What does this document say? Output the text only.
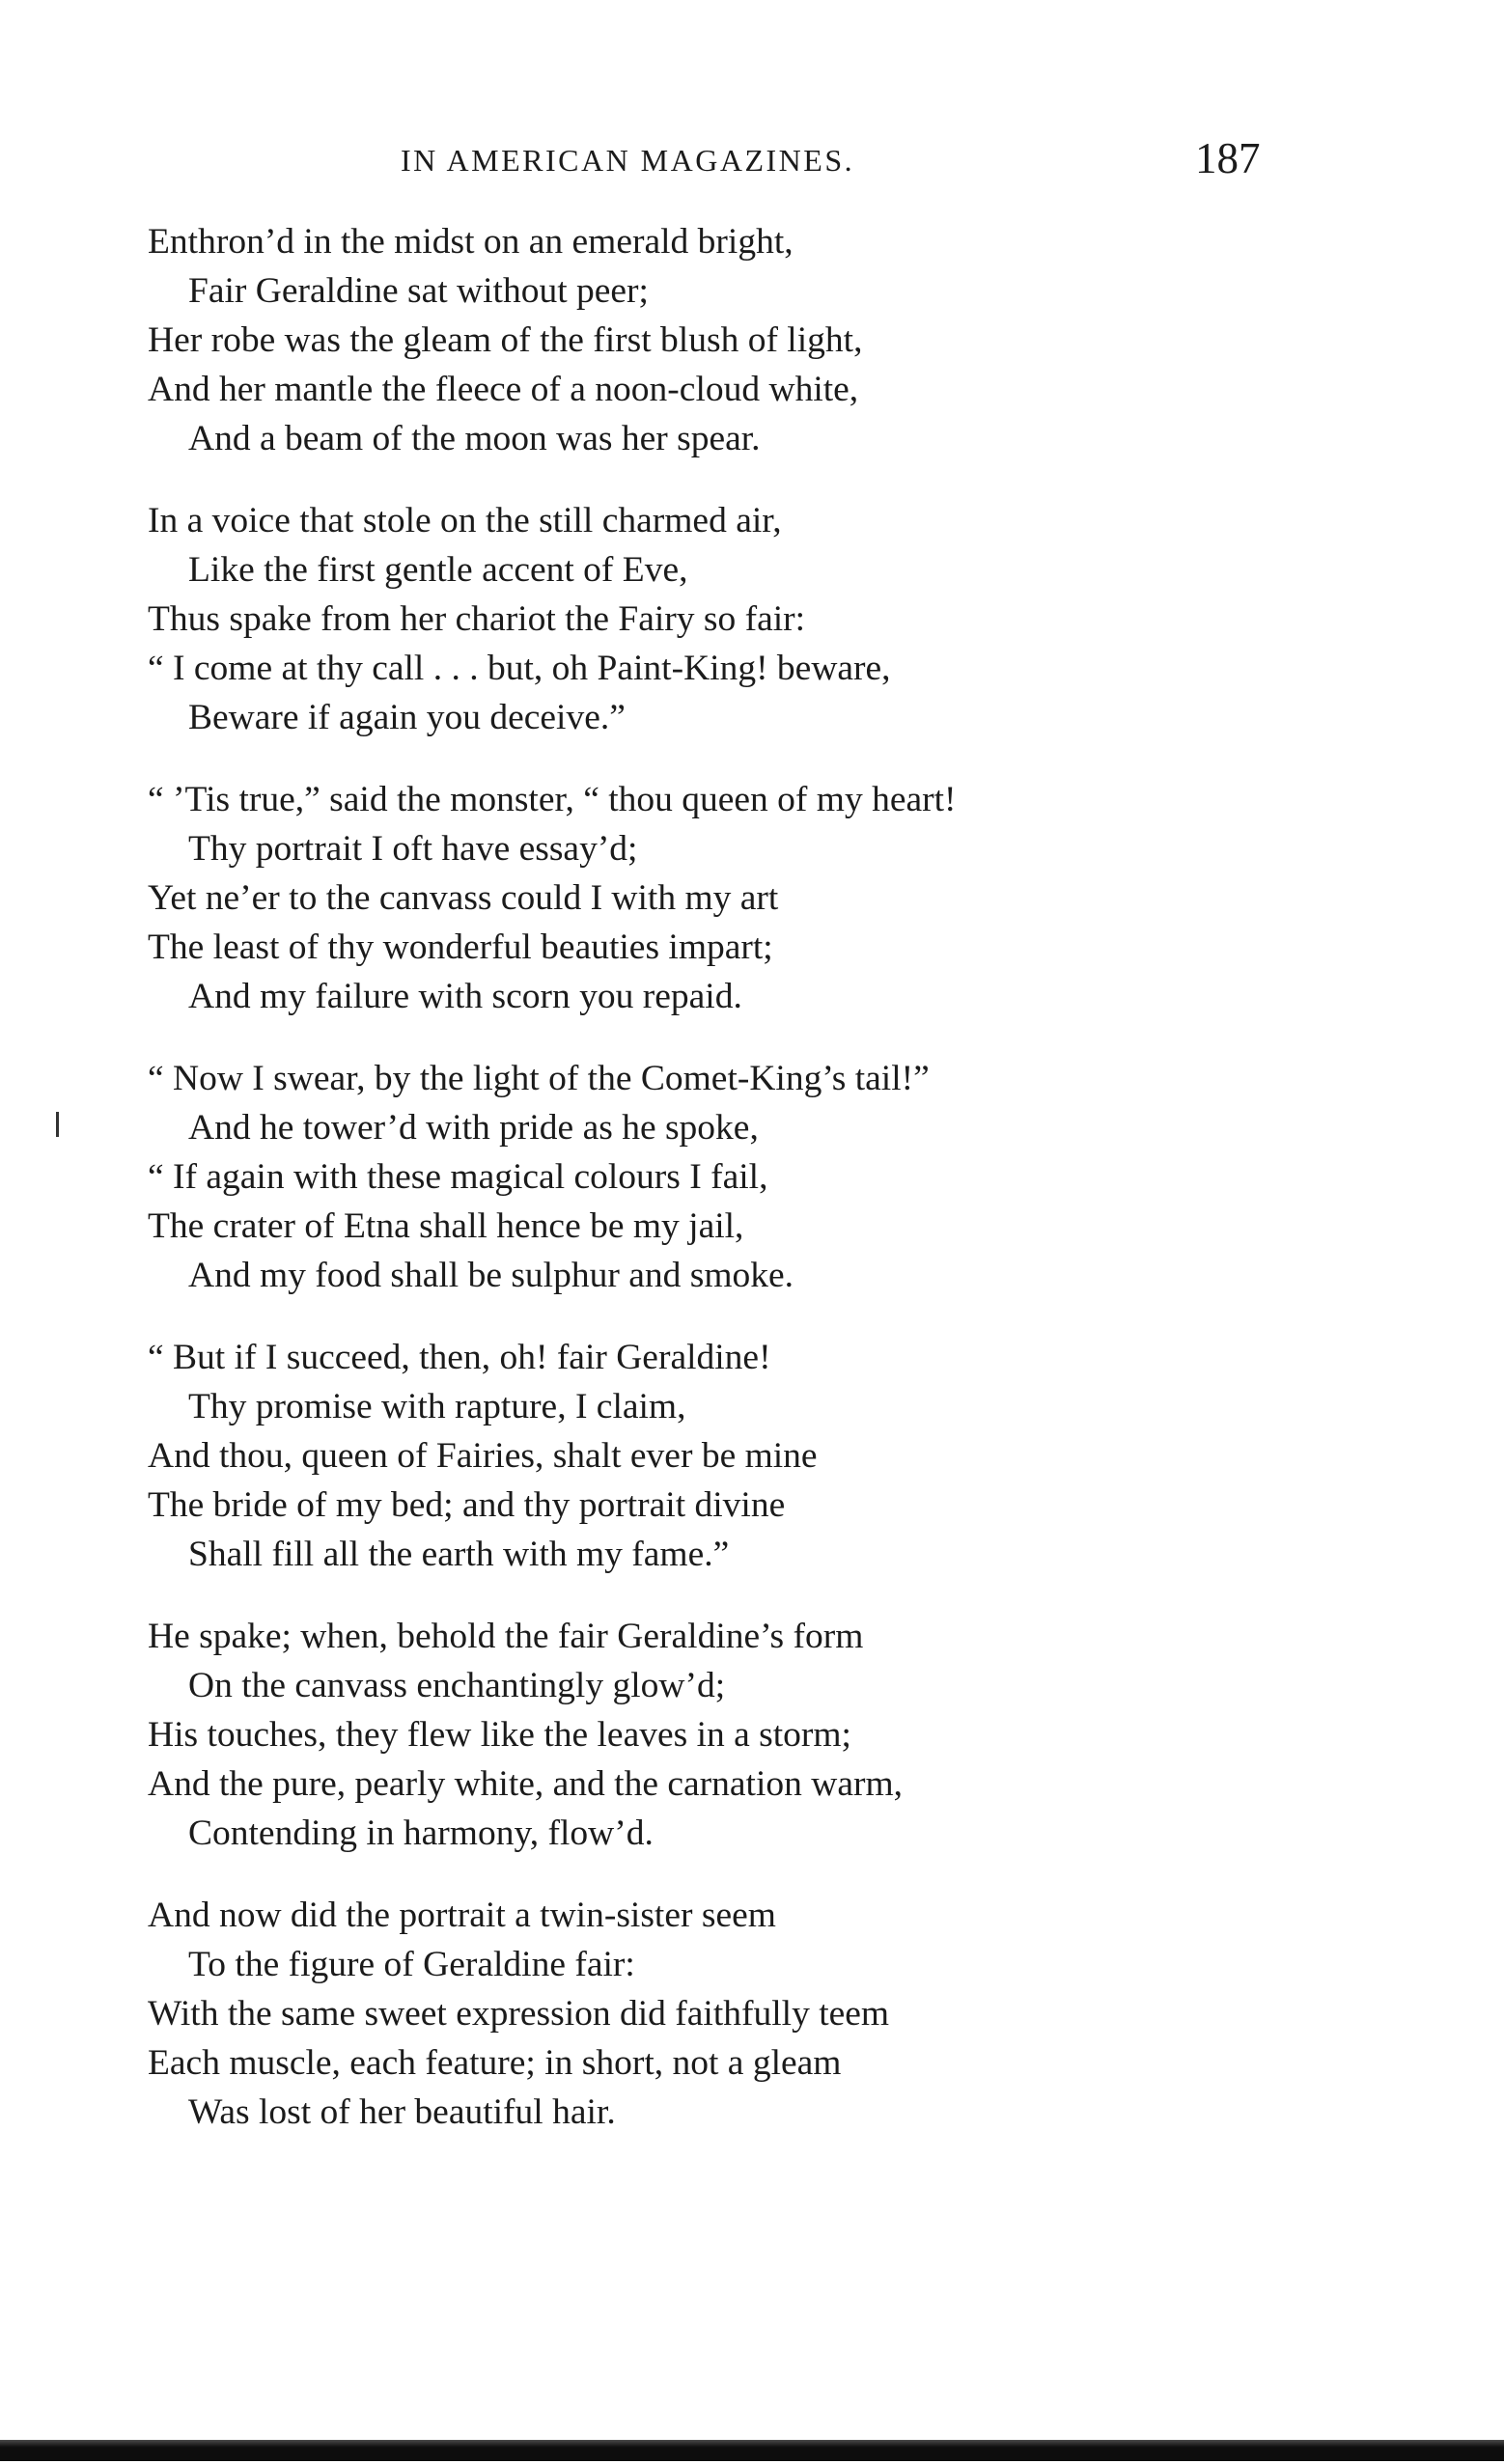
IN AMERICAN MAGAZINES.	187
Enthron’d in the midst on an emerald bright,
Fair Geraldine sat without peer;
Her robe was the gleam of the first blush of light,
And her mantle the fleece of a noon-cloud white,
And a beam of the moon was her spear.
In a voice that stole on the still charmed air,
Like the first gentle accent of Eve,
Thus spake from her chariot the Fairy so fair:
“ I come at thy call . . . but, oh Paint-King! beware,
Beware if again you deceive.”
“ ’Tis true,” said the monster, “ thou queen of my heart!
Thy portrait I oft have essay’d;
Yet ne’er to the canvass could I with my art
The least of thy wonderful beauties impart;
And my failure with scorn you repaid.
“ Now I swear, by the light of the Comet-King’s tail!”
And he tower’d with pride as he spoke,
“ If again with these magical colours I fail,
The crater of Etna shall hence be my jail,
And my food shall be sulphur and smoke.
“ But if I succeed, then, oh! fair Geraldine!
Thy promise with rapture, I claim,
And thou, queen of Fairies, shalt ever be mine
The bride of my bed; and thy portrait divine
Shall fill all the earth with my fame.”
He spake; when, behold the fair Geraldine’s form
On the canvass enchantingly glow’d;
His touches, they flew like the leaves in a storm;
And the pure, pearly white, and the carnation warm,
Contending in harmony, flow’d.
And now did the portrait a twin-sister seem
To the figure of Geraldine fair:
With the same sweet expression did faithfully teem
Each muscle, each feature; in short, not a gleam
Was lost of her beautiful hair.
